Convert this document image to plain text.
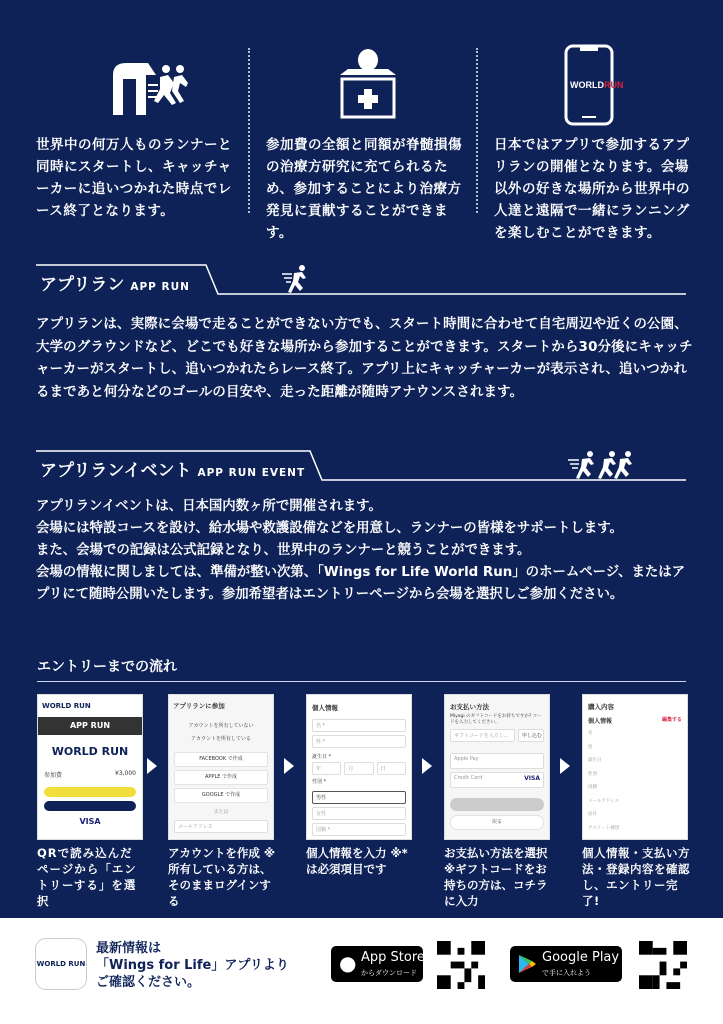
世界中の何万人ものランナーと同時にスタートし、キャッチャーカーに追いつかれた時点でレース終了となります。
参加費の全額と同額が脊髄損傷の治療方研究に充てられるため、参加することにより治療方発見に貢献することができます。
WORLDRUN
日本ではアプリで参加するアプリランの開催となります。会場以外の好きな場所から世界中の人達と遠隔で一緒にランニングを楽しむことができます。
アプリラン APP RUN
アプリランは、実際に会場で走ることができない方でも、スタート時間に合わせて自宅周辺や近くの公園、大学のグラウンドなど、どこでも好きな場所から参加することができます。スタートから30分後にキャッチャーカーがスタートし、追いつかれたらレース終了。アプリ上にキャッチャーカーが表示され、追いつかれるまであと何分などのゴールの目安や、走った距離が随時アナウンスされます。
アプリランイベント APP RUN EVENT
アプリランイベントは、日本国内数ヶ所で開催されます。
会場には特設コースを設け、給水場や救護設備などを用意し、ランナーの皆様をサポートします。
また、会場での記録は公式記録となり、世界中のランナーと競うことができます。
会場の情報に関しましては、準備が整い次第、「Wings for Life World Run」のホームページ、またはアプリにて随時公開いたします。参加希望者はエントリーページから会場を選択しご参加ください。
エントリーまでの流れ
WORLD RUN
APP RUN
WORLD RUN
参加費	¥3,000
VISA
アプリランに参加
アカウントを所有していない
アカウントを所有している
FACEBOOK で作成
APPLE で作成
GOOGLE で作成
または
メールアドレス
個人情報
名 *
姓 *
誕生日 *
年	月	日
性別 *
男性
女性
国籍 *
お支払い方法
Miyagi のギフトコードをお持ちですか? コードを入力してください。
ギフトコードを入力し...	申し込む
Apple Pay
Credit Card	VISA
戻る
購入内容
個人情報	編集する
名
姓
誕生日
性別
国籍
メールアドレス
居住
アスリート種別
QRで読み込んだページから「エントリーする」を選択
アカウントを作成 ※所有している方は、そのままログインする
個人情報を入力 ※*は必須項目です
お支払い方法を選択 ※ギフトコードをお持ちの方は、コチラに入力
個人情報・支払い方法・登録内容を確認し、エントリー完了!
WORLD RUN
最新情報は
「Wings for Life」アプリより
ご確認ください。
● App Store
からダウンロード
Google Play
で手に入れよう
